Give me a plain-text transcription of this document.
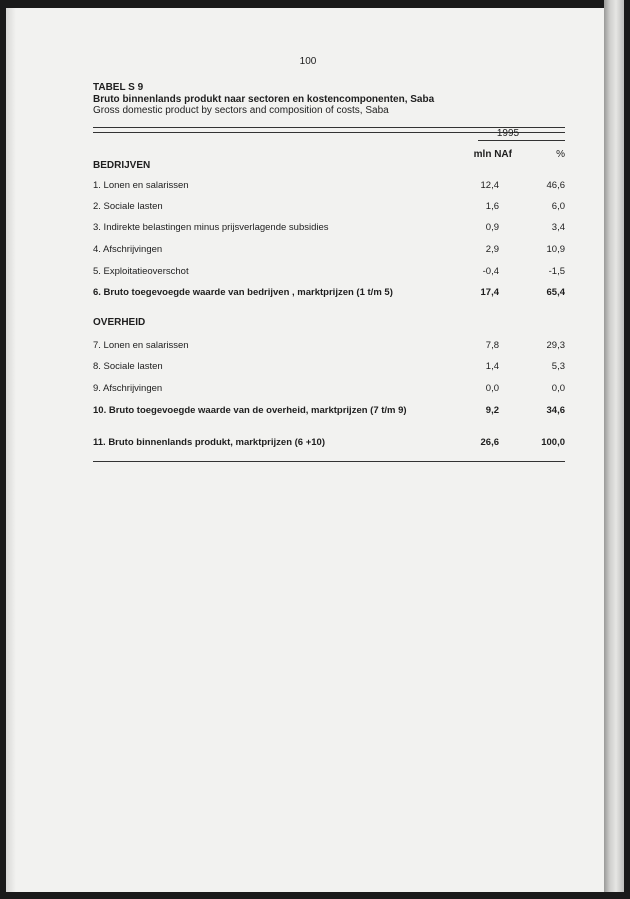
100
TABEL S 9
Bruto binnenlands produkt naar sectoren en kostencomponenten, Saba
Gross domestic product by sectors and composition of costs, Saba
1995
mln NAf	%
BEDRIJVEN
1. Lonen en salarissen	12,4	46,6
2. Sociale lasten	1,6	6,0
3. Indirekte belastingen minus prijsverlagende subsidies	0,9	3,4
4. Afschrijvingen	2,9	10,9
5. Exploitatieoverschot	-0,4	-1,5
6. Bruto toegevoegde waarde van bedrijven , marktprijzen (1 t/m 5)	17,4	65,4
OVERHEID
7. Lonen en salarissen	7,8	29,3
8. Sociale lasten	1,4	5,3
9. Afschrijvingen	0,0	0,0
10. Bruto toegevoegde waarde van de overheid, marktprijzen (7 t/m 9)	9,2	34,6
11. Bruto binnenlands produkt, marktprijzen (6 +10)	26,6	100,0
